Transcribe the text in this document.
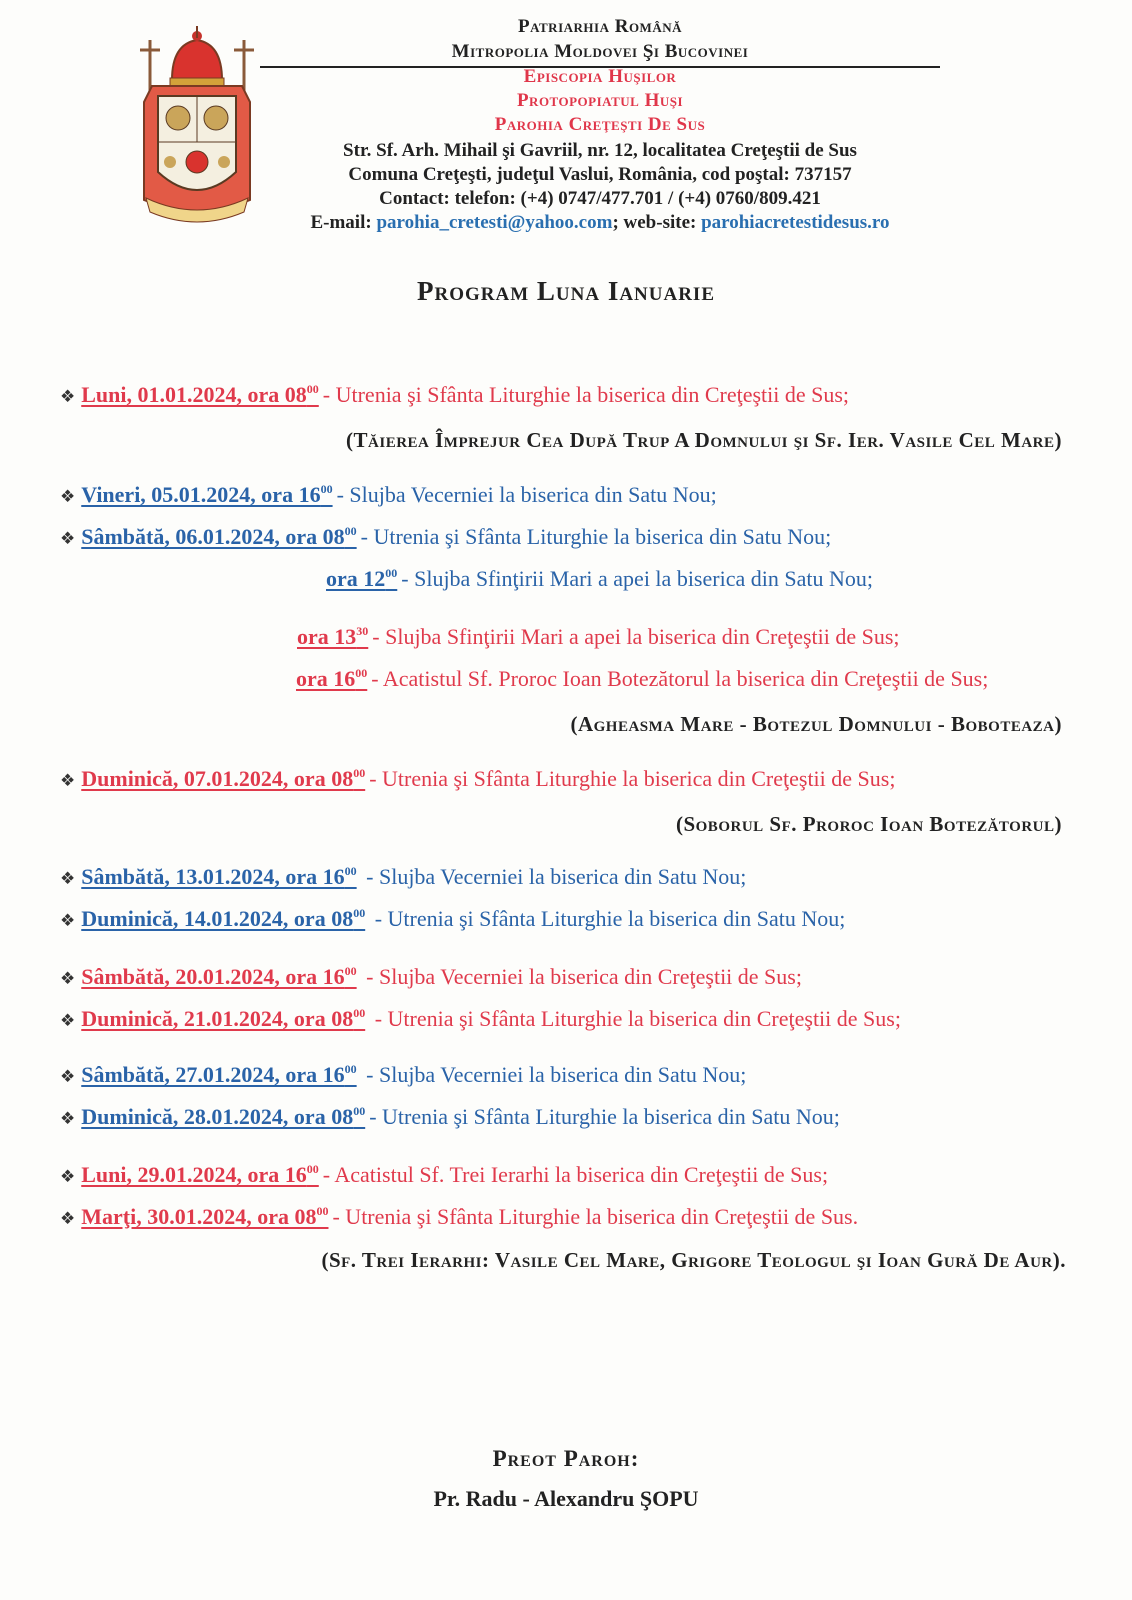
Patriarhia Română
Mitropolia Moldovei Şi Bucovinei
Episcopia Huşilor
Protopopiatul Huşi
Parohia Creţeşti De Sus
Str. Sf. Arh. Mihail şi Gavriil, nr. 12, localitatea Creţeştii de Sus
Comuna Creţeşti, judeţul Vaslui, România, cod poştal: 737157
Contact: telefon: (+4) 0747/477.701 / (+4) 0760/809.421
E-mail: parohia_cretesti@yahoo.com; web-site: parohiacretestidesus.ro
Program Luna Ianuarie
❖ Luni, 01.01.2024, ora $08^{00}$ - Utrenia şi Sfânta Liturghie la biserica din Creţeştii de Sus;
(Tăierea Împrejur Cea După Trup A Domnului şi Sf. Ier. Vasile Cel Mare)
❖ Vineri, 05.01.2024, ora $16^{00}$ - Slujba Vecerniei la biserica din Satu Nou;
❖ Sâmbătă, 06.01.2024, ora $08^{00}$ - Utrenia şi Sfânta Liturghie la biserica din Satu Nou;
ora $12^{00}$ - Slujba Sfinţirii Mari a apei la biserica din Satu Nou;
ora $13^{30}$ - Slujba Sfinţirii Mari a apei la biserica din Creţeştii de Sus;
ora $16^{00}$ - Acatistul Sf. Proroc Ioan Botezătorul la biserica din Creţeştii de Sus;
(Agheasma Mare - Botezul Domnului - Boboteaza)
❖ Duminică, 07.01.2024, ora $08^{00}$ - Utrenia şi Sfânta Liturghie la biserica din Creţeştii de Sus;
(Soborul Sf. Proroc Ioan Botezătorul)
❖ Sâmbătă, 13.01.2024, ora $16^{00}$ - Slujba Vecerniei la biserica din Satu Nou;
❖ Duminică, 14.01.2024, ora $08^{00}$ - Utrenia şi Sfânta Liturghie la biserica din Satu Nou;
❖ Sâmbătă, 20.01.2024, ora $16^{00}$ - Slujba Vecerniei la biserica din Creţeştii de Sus;
❖ Duminică, 21.01.2024, ora $08^{00}$ - Utrenia şi Sfânta Liturghie la biserica din Creţeştii de Sus;
❖ Sâmbătă, 27.01.2024, ora $16^{00}$ - Slujba Vecerniei la biserica din Satu Nou;
❖ Duminică, 28.01.2024, ora $08^{00}$ - Utrenia şi Sfânta Liturghie la biserica din Satu Nou;
❖ Luni, 29.01.2024, ora $16^{00}$ - Acatistul Sf. Trei Ierarhi la biserica din Creţeştii de Sus;
❖ Marţi, 30.01.2024, ora $08^{00}$ - Utrenia şi Sfânta Liturghie la biserica din Creţeştii de Sus.
(Sf. Trei Ierarhi: Vasile Cel Mare, Grigore Teologul şi Ioan Gură De Aur).
Preot Paroh:
Pr. Radu - Alexandru ŞOPU
